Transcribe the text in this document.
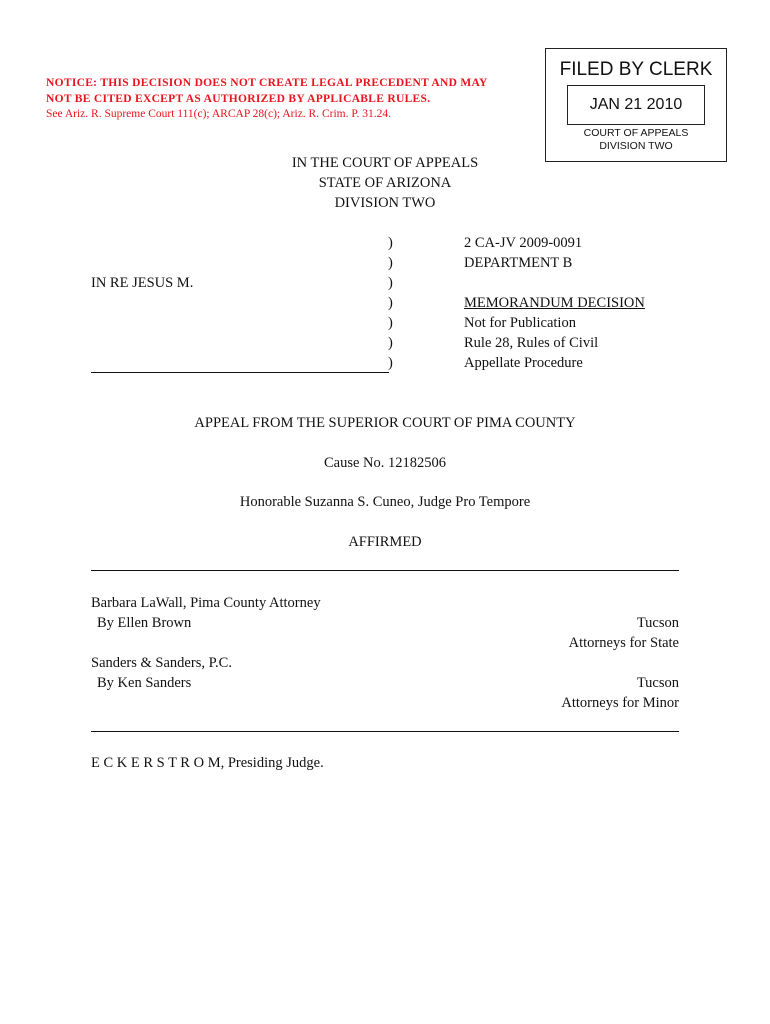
NOTICE: THIS DECISION DOES NOT CREATE LEGAL PRECEDENT AND MAY
NOT BE CITED EXCEPT AS AUTHORIZED BY APPLICABLE RULES.
See Ariz. R. Supreme Court 111(c); ARCAP 28(c); Ariz. R. Crim. P. 31.24.
FILED BY CLERK
JAN 21 2010
COURT OF APPEALS
DIVISION TWO
IN THE COURT OF APPEALS
STATE OF ARIZONA
DIVISION TWO
IN RE JESUS M.
)
)
)
)
)
)
)
2 CA-JV 2009-0091
DEPARTMENT B
MEMORANDUM DECISION
Not for Publication
Rule 28, Rules of Civil
Appellate Procedure
APPEAL FROM THE SUPERIOR COURT OF PIMA COUNTY
Cause No. 12182506
Honorable Suzanna S. Cuneo, Judge Pro Tempore
AFFIRMED
Barbara LaWall, Pima County Attorney
By Ellen Brown	Tucson
Attorneys for State
Sanders & Sanders, P.C.
By Ken Sanders	Tucson
Attorneys for Minor
E C K E R S T R O M, Presiding Judge.
